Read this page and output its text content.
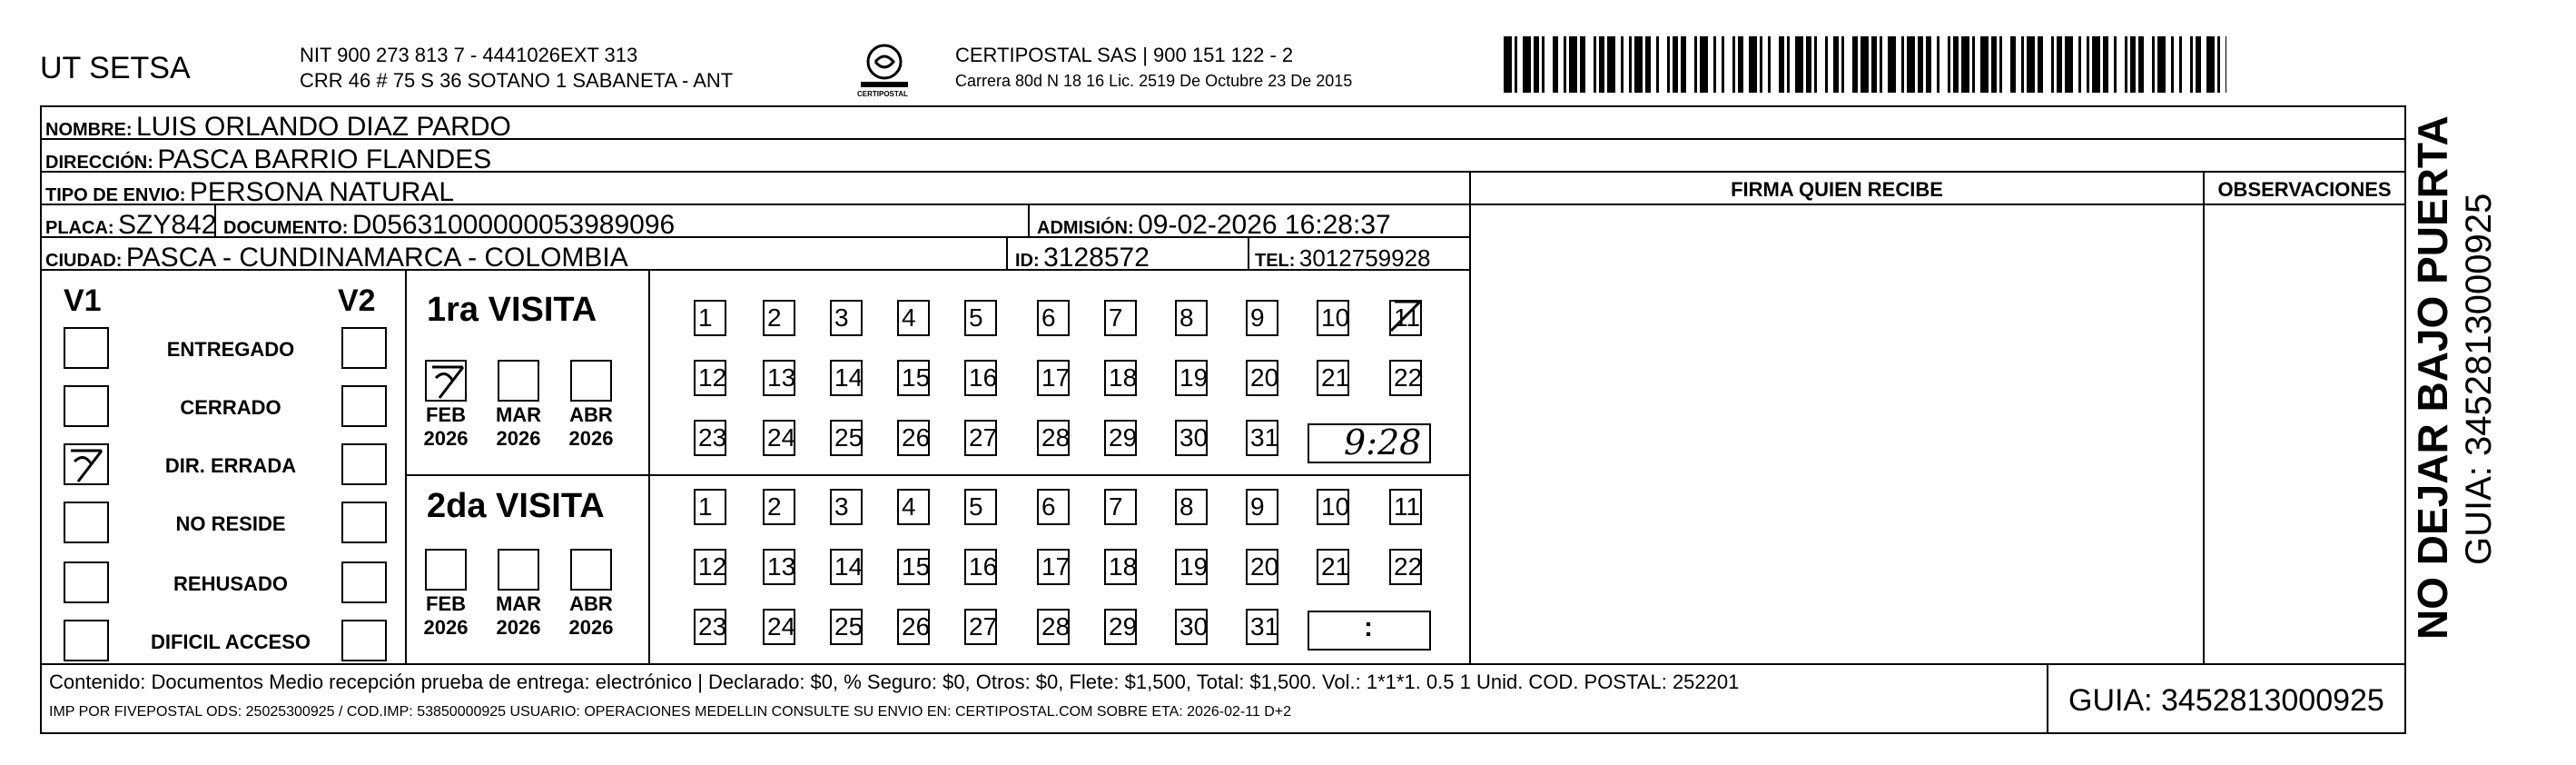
UT SETSA	NIT 900 273 813 7 - 4441026EXT 313
CRR 46 # 75 S 36 SOTANO 1 SABANETA - ANT
CERTIPOSTAL
CERTIPOSTAL SAS | 900 151 122 - 2
Carrera 80d N 18 16 Lic. 2519 De Octubre 23 De 2015
NOMBRE: LUIS ORLANDO DIAZ PARDO
DIRECCIÓN: PASCA BARRIO FLANDES
TIPO DE ENVIO: PERSONA NATURAL
PLACA: SZY842 DOCUMENTO: D05631000000053989096	ADMISIÓN: 09-02-2026 16:28:37
CIUDAD: PASCA - CUNDINAMARCA - COLOMBIA	ID: 3128572	TEL: 3012759928
FIRMA QUIEN RECIBE	OBSERVACIONES
V1	V2
ENTREGADO
CERRADO
DIR. ERRADA
NO RESIDE
REHUSADO
DIFICIL ACCESO
1ra VISITA
FEB
2026
MAR
2026
ABR
2026
1	2	3	4	5	6	7	8	9	10 11
12 13 14 15 16 17 18 19 20 21 22
23 24 25 26 27 28 29 30 31 9:28
2da VISITA
FEB
2026
MAR
2026
ABR
2026
1	2	3	4	5	6	7	8	9	10 11
12 13 14 15 16 17 18 19 20 21 22
23 24 25 26 27 28 29 30 31	:
Contenido: Documentos Medio recepción prueba de entrega: electrónico | Declarado: $0, % Seguro: $0, Otros: $0, Flete: $1,500, Total: $1,500. Vol.: 1*1*1. 0.5 1 Unid. COD. POSTAL: 252201
IMP POR FIVEPOSTAL ODS: 25025300925 / COD.IMP: 53850000925 USUARIO: OPERACIONES MEDELLIN CONSULTE SU ENVIO EN: CERTIPOSTAL.COM SOBRE ETA: 2026-02-11 D+2	GUIA: 3452813000925
NO DEJAR BAJO PUERTA GUIA: 3452813000925
